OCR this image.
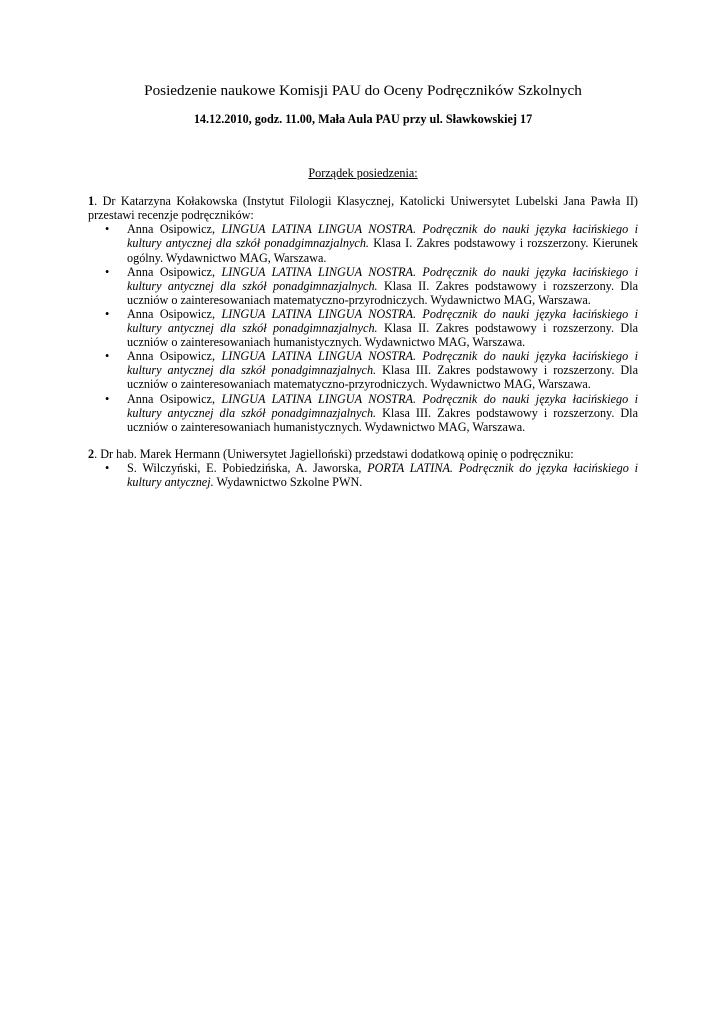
Posiedzenie naukowe Komisji PAU do Oceny Podręczników Szkolnych
14.12.2010, godz. 11.00, Mała Aula PAU przy ul. Sławkowskiej 17
Porządek posiedzenia:
1. Dr Katarzyna Kołakowska (Instytut Filologii Klasycznej, Katolicki Uniwersytet Lubelski Jana Pawła II) przestawi recenzje podręczników:
• Anna Osipowicz, LINGUA LATINA LINGUA NOSTRA. Podręcznik do nauki języka łacińskiego i kultury antycznej dla szkół ponadgimnazjalnych. Klasa I. Zakres podstawowy i rozszerzony. Kierunek ogólny. Wydawnictwo MAG, Warszawa.
• Anna Osipowicz, LINGUA LATINA LINGUA NOSTRA. Podręcznik do nauki języka łacińskiego i kultury antycznej dla szkół ponadgimnazjalnych. Klasa II. Zakres podstawowy i rozszerzony. Dla uczniów o zainteresowaniach matematyczno-przyrodniczych. Wydawnictwo MAG, Warszawa.
• Anna Osipowicz, LINGUA LATINA LINGUA NOSTRA. Podręcznik do nauki języka łacińskiego i kultury antycznej dla szkół ponadgimnazjalnych. Klasa II. Zakres podstawowy i rozszerzony. Dla uczniów o zainteresowaniach humanistycznych. Wydawnictwo MAG, Warszawa.
• Anna Osipowicz, LINGUA LATINA LINGUA NOSTRA. Podręcznik do nauki języka łacińskiego i kultury antycznej dla szkół ponadgimnazjalnych. Klasa III. Zakres podstawowy i rozszerzony. Dla uczniów o zainteresowaniach matematyczno-przyrodniczych. Wydawnictwo MAG, Warszawa.
• Anna Osipowicz, LINGUA LATINA LINGUA NOSTRA. Podręcznik do nauki języka łacińskiego i kultury antycznej dla szkół ponadgimnazjalnych. Klasa III. Zakres podstawowy i rozszerzony. Dla uczniów o zainteresowaniach humanistycznych. Wydawnictwo MAG, Warszawa.
2. Dr hab. Marek Hermann (Uniwersytet Jagielloński) przedstawi dodatkową opinię o podręczniku:
• S. Wilczyński, E. Pobiedzińska, A. Jaworska, PORTA LATINA. Podręcznik do języka łacińskiego i kultury antycznej. Wydawnictwo Szkolne PWN.
